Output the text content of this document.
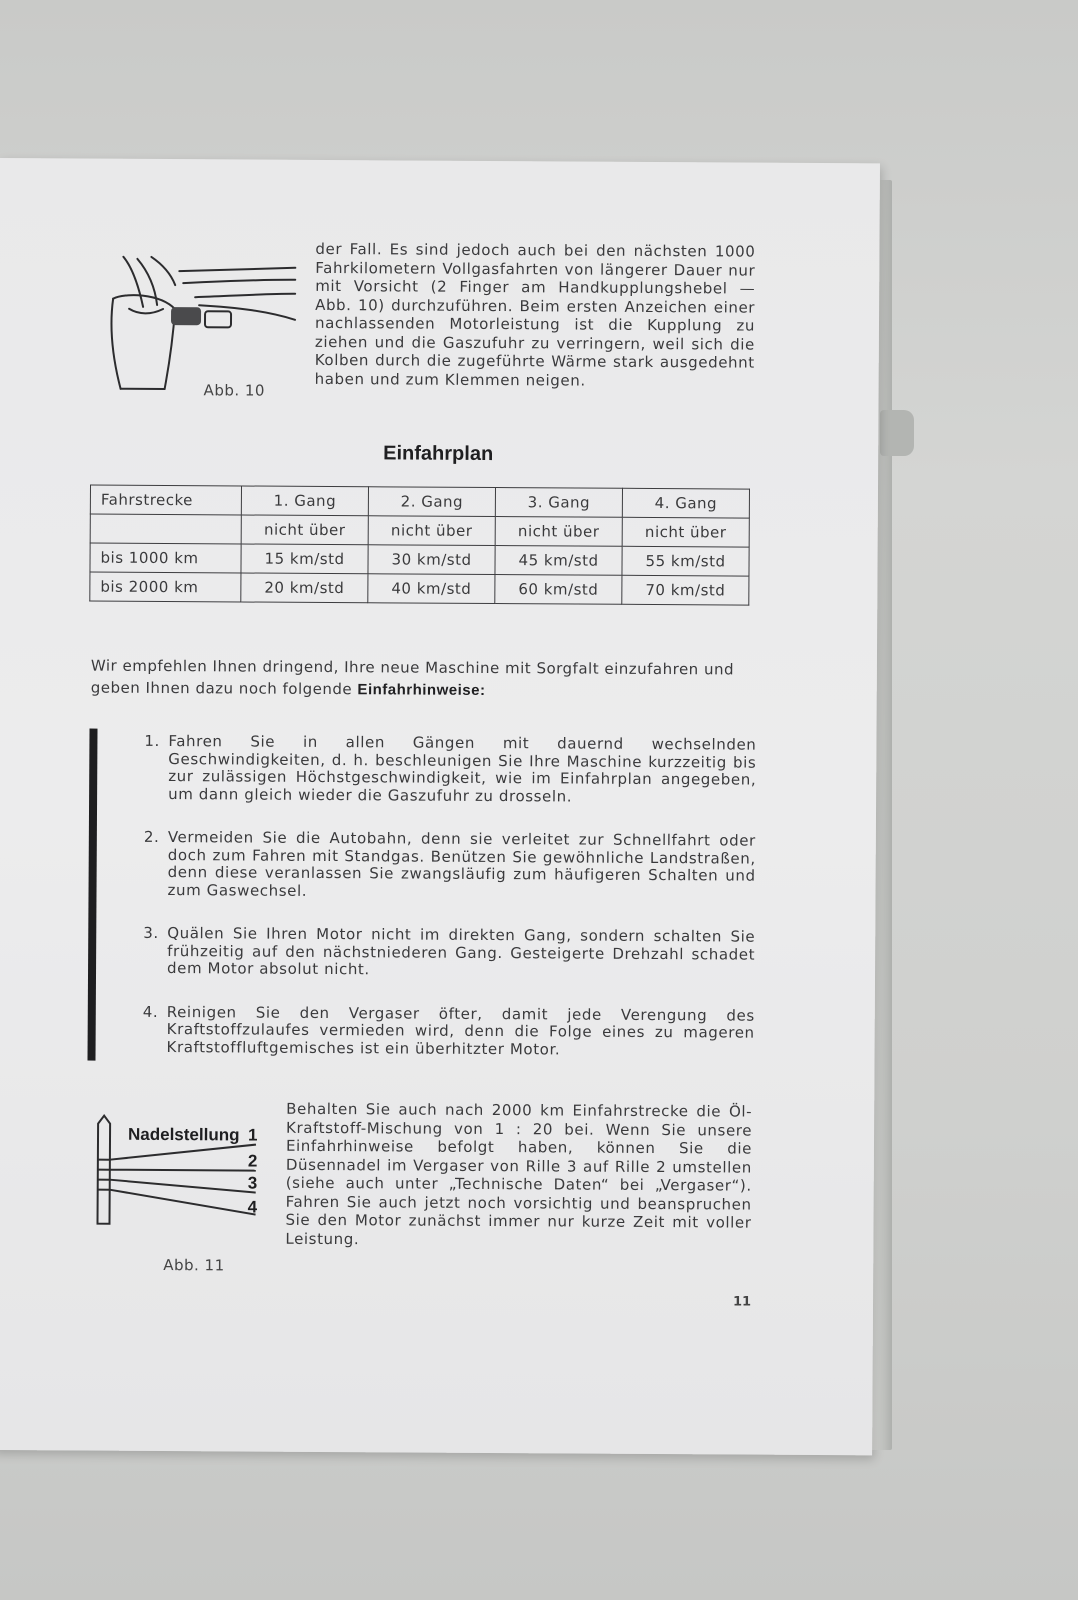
Abb. 10
der Fall. Es sind jedoch auch bei den nächsten 1000 Fahrkilometern Vollgasfahrten von längerer Dauer nur mit Vorsicht (2 Finger am Handkupplungshebel — Abb. 10) durchzuführen. Beim ersten Anzeichen einer nachlassenden Motorleistung ist die Kupplung zu ziehen und die Gaszufuhr zu verringern, weil sich die Kolben durch die zugeführte Wärme stark ausgedehnt haben und zum Klemmen neigen.
Einfahrplan
Fahrstrecke	1. Gang	2. Gang	3. Gang	4. Gang
	nicht über	nicht über	nicht über	nicht über
bis 1000 km	15 km/std	30 km/std	45 km/std	55 km/std
bis 2000 km	20 km/std	40 km/std	60 km/std	70 km/std
Wir empfehlen Ihnen dringend, Ihre neue Maschine mit Sorgfalt einzufahren und geben Ihnen dazu noch folgende Einfahrhinweise:
1. Fahren Sie in allen Gängen mit dauernd wechselnden Geschwindigkeiten, d. h. beschleunigen Sie Ihre Maschine kurzzeitig bis zur zulässigen Höchstgeschwindigkeit, wie im Einfahrplan angegeben, um dann gleich wieder die Gaszufuhr zu drosseln.
2. Vermeiden Sie die Autobahn, denn sie verleitet zur Schnellfahrt oder doch zum Fahren mit Standgas. Benützen Sie gewöhnliche Landstraßen, denn diese veranlassen Sie zwangsläufig zum häufigeren Schalten und zum Gaswechsel.
3. Quälen Sie Ihren Motor nicht im direkten Gang, sondern schalten Sie frühzeitig auf den nächstniederen Gang. Gesteigerte Drehzahl schadet dem Motor absolut nicht.
4. Reinigen Sie den Vergaser öfter, damit jede Verengung des Kraftstoffzulaufes vermieden wird, denn die Folge eines zu mageren Kraftstoffluftgemisches ist ein überhitzter Motor.
Nadelstellung 1
2
3
4
Abb. 11
Behalten Sie auch nach 2000 km Einfahrstrecke die Öl-Kraftstoff-Mischung von 1 : 20 bei. Wenn Sie unsere Einfahrhinweise befolgt haben, können Sie die Düsennadel im Vergaser von Rille 3 auf Rille 2 umstellen (siehe auch unter „Technische Daten“ bei „Vergaser“). Fahren Sie auch jetzt noch vorsichtig und beanspruchen Sie den Motor zunächst immer nur kurze Zeit mit voller Leistung.
11
